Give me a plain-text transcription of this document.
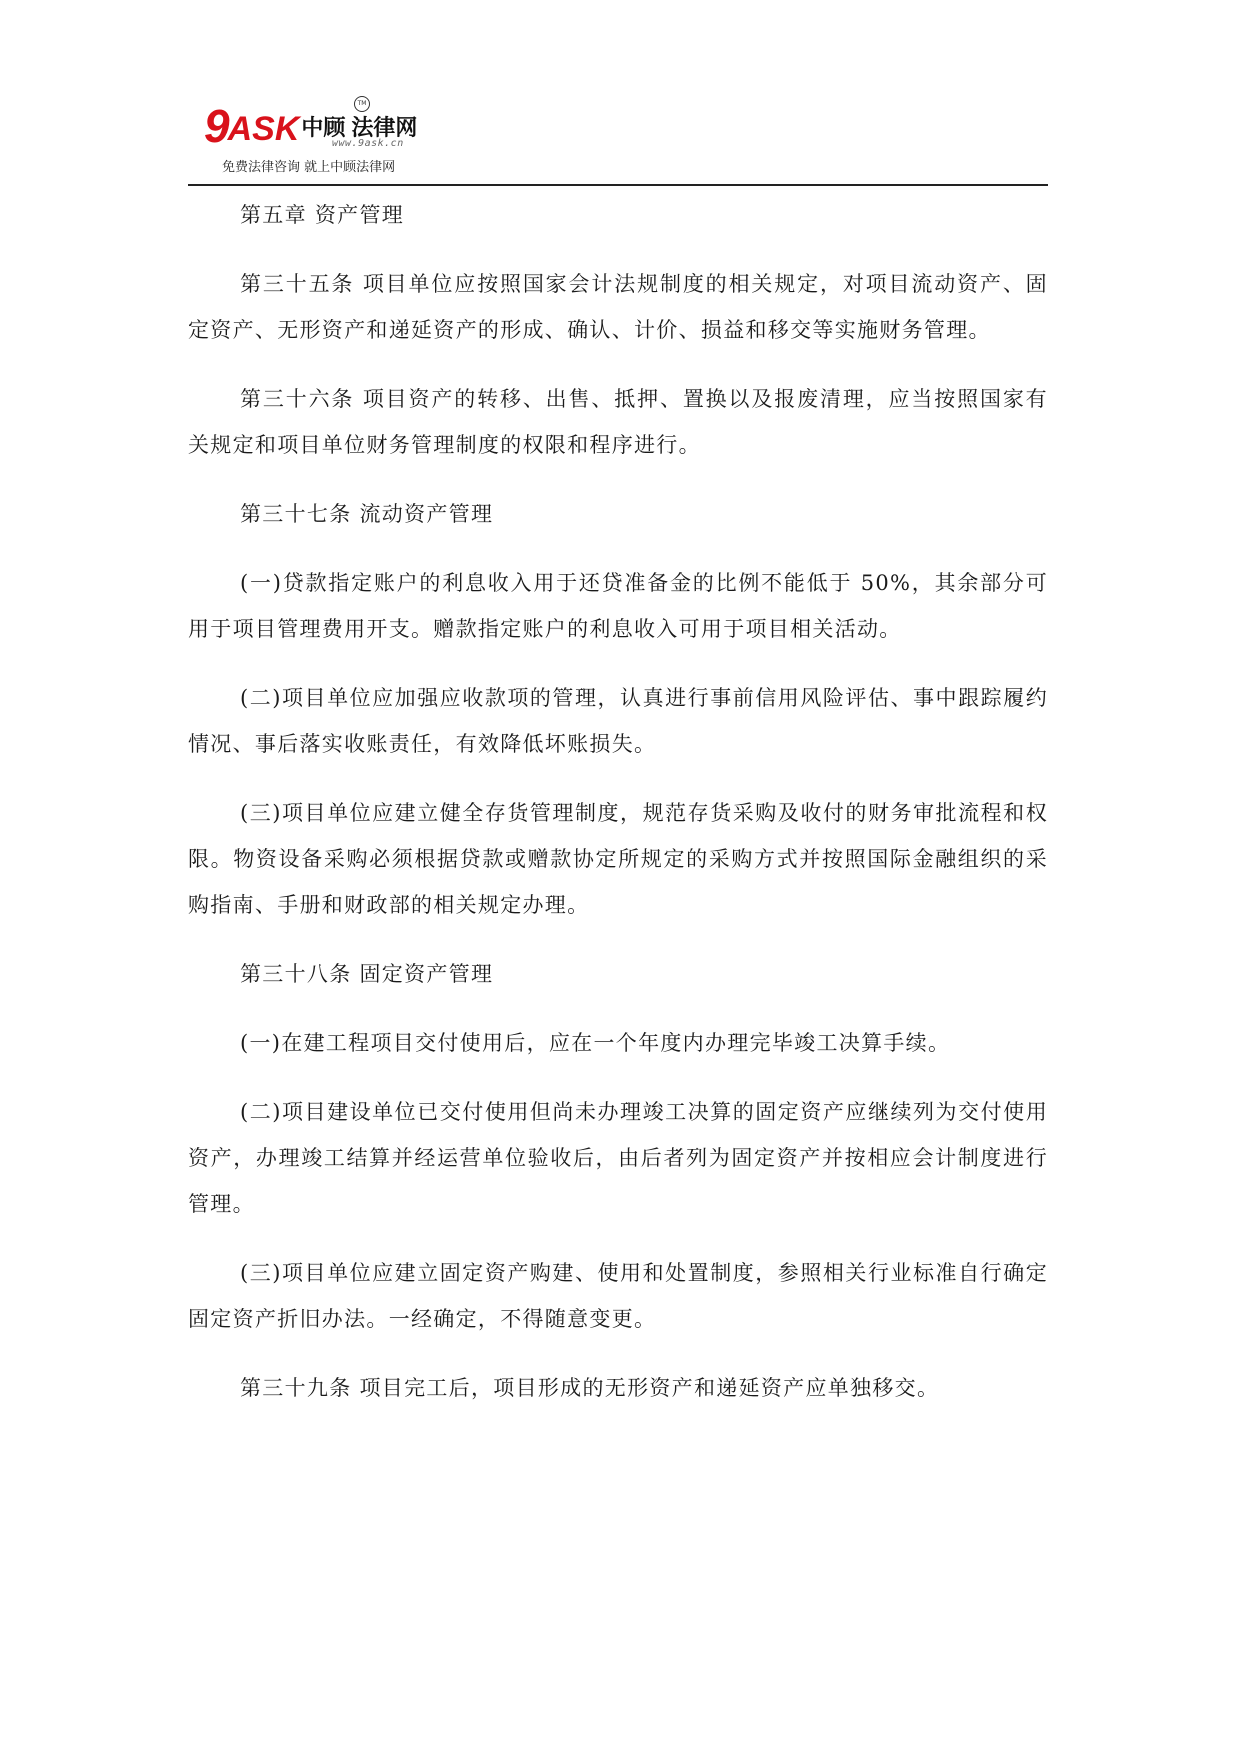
9
ASK 中顾 法律网
TM
www.9ask.cn
免费法律咨询 就上中顾法律网

第五章 资产管理

第三十五条 项目单位应按照国家会计法规制度的相关规定，对项目流动资产、固定资产、无形资产和递延资产的形成、确认、计价、损益和移交等实施财务管理。

第三十六条 项目资产的转移、出售、抵押、置换以及报废清理，应当按照国家有关规定和项目单位财务管理制度的权限和程序进行。

第三十七条 流动资产管理

(一)贷款指定账户的利息收入用于还贷准备金的比例不能低于 50%，其余部分可用于项目管理费用开支。赠款指定账户的利息收入可用于项目相关活动。

(二)项目单位应加强应收款项的管理，认真进行事前信用风险评估、事中跟踪履约情况、事后落实收账责任，有效降低坏账损失。

(三)项目单位应建立健全存货管理制度，规范存货采购及收付的财务审批流程和权限。物资设备采购必须根据贷款或赠款协定所规定的采购方式并按照国际金融组织的采购指南、手册和财政部的相关规定办理。

第三十八条 固定资产管理

(一)在建工程项目交付使用后，应在一个年度内办理完毕竣工决算手续。

(二)项目建设单位已交付使用但尚未办理竣工决算的固定资产应继续列为交付使用资产，办理竣工结算并经运营单位验收后，由后者列为固定资产并按相应会计制度进行管理。

(三)项目单位应建立固定资产购建、使用和处置制度，参照相关行业标准自行确定固定资产折旧办法。一经确定，不得随意变更。

第三十九条 项目完工后，项目形成的无形资产和递延资产应单独移交。
